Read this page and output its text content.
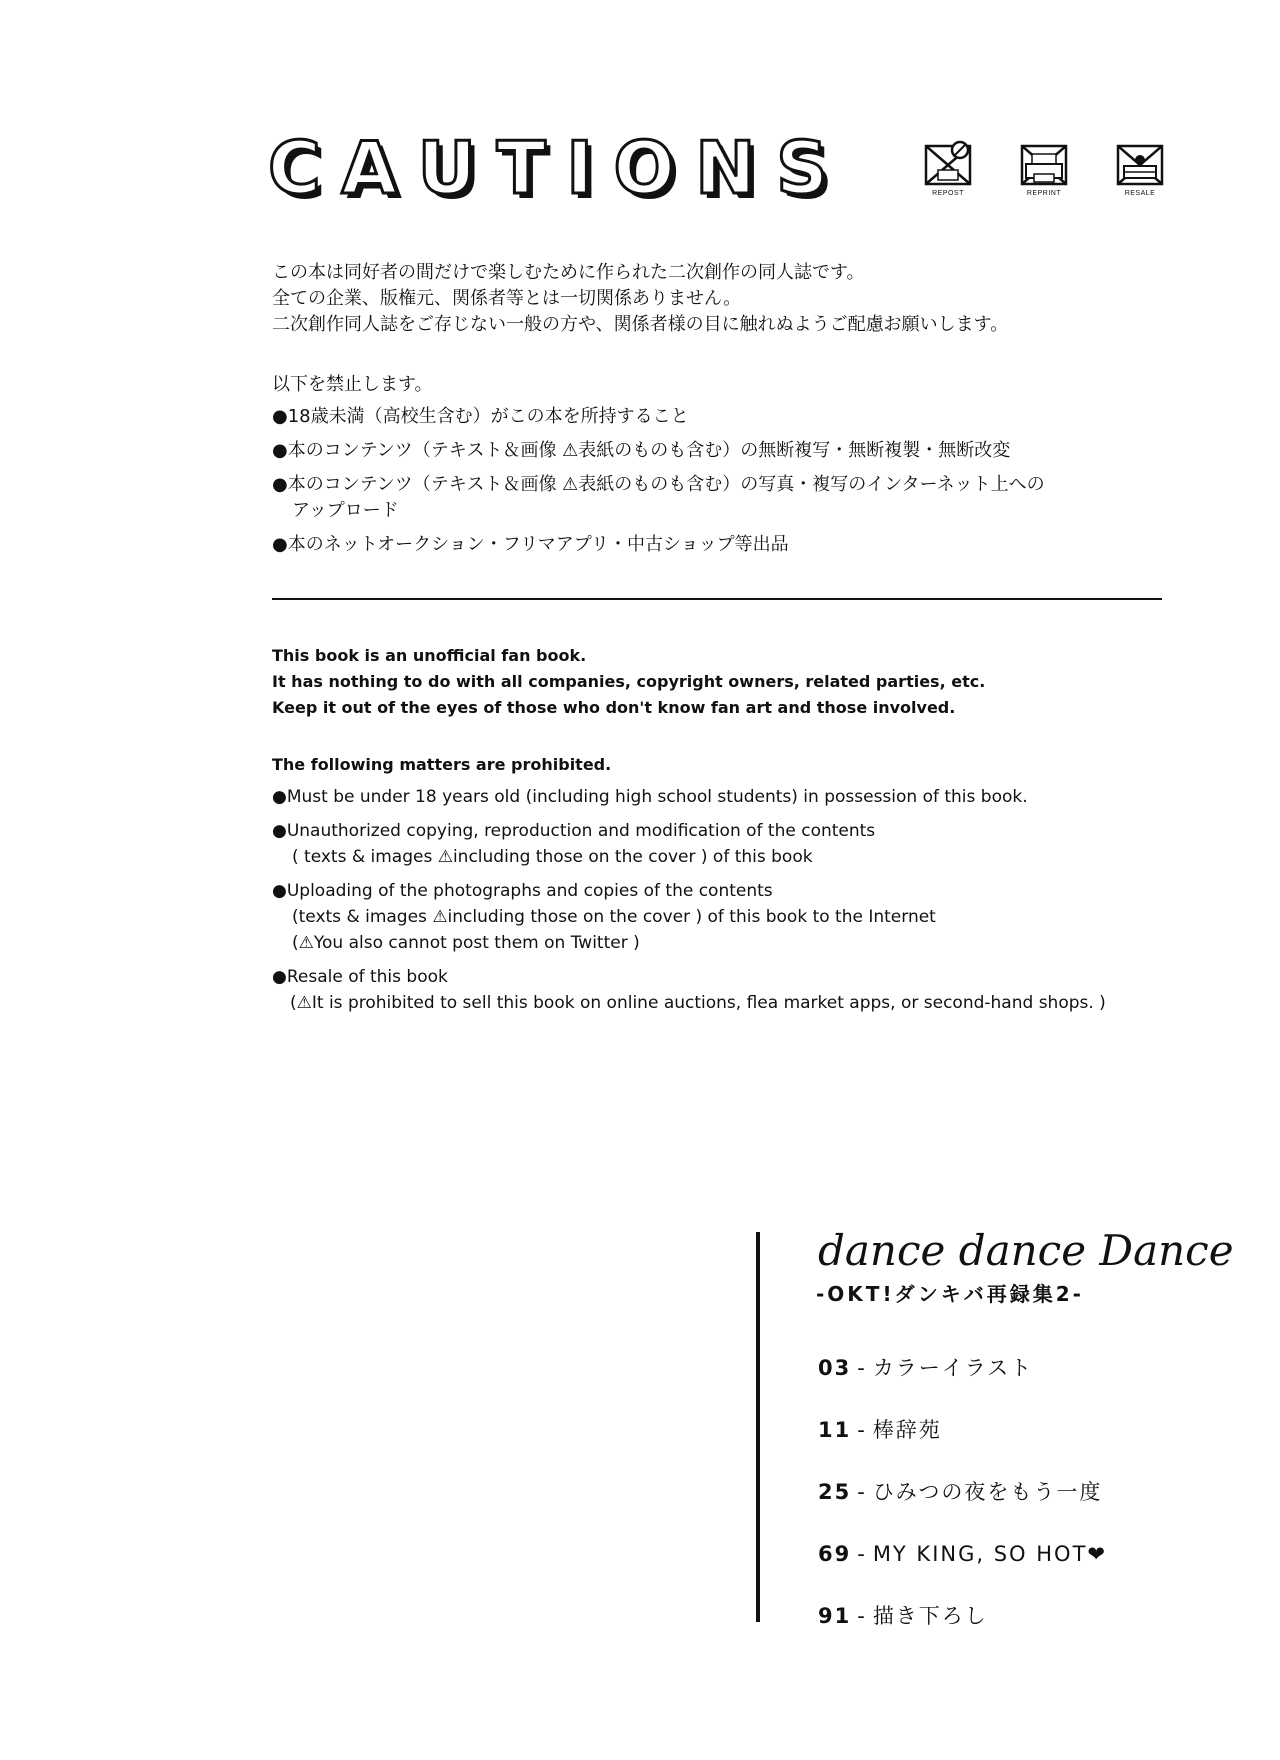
C A U T I O N S	REPOST	REPRINT	RESALE
この本は同好者の間だけで楽しむために作られた二次創作の同人誌です。
全ての企業、版権元、関係者等とは一切関係ありません。
二次創作同人誌をご存じない一般の方や、関係者様の目に触れぬようご配慮お願いします。
以下を禁止します。
●18歳未満（高校生含む）がこの本を所持すること
●本のコンテンツ（テキスト＆画像 ⚠表紙のものも含む）の無断複写・無断複製・無断改変
●本のコンテンツ（テキスト＆画像 ⚠表紙のものも含む）の写真・複写のインターネット上への
アップロード
●本のネットオークション・フリマアプリ・中古ショップ等出品
This book is an unofficial fan book.
It has nothing to do with all companies, copyright owners, related parties, etc.
Keep it out of the eyes of those who don't know fan art and those involved.
The following matters are prohibited.
●Must be under 18 years old (including high school students) in possession of this book.
●Unauthorized copying, reproduction and modification of the contents
( texts & images ⚠including those on the cover ) of this book
●Uploading of the photographs and copies of the contents
(texts & images ⚠including those on the cover ) of this book to the Internet
(⚠You also cannot post them on Twitter )
●Resale of this book
(⚠It is prohibited to sell this book on online auctions, flea market apps, or second-hand shops. )
dance dance Dance
-OKT!ダンキバ再録集2-
03 - カラーイラスト
11 - 棒辞苑
25 - ひみつの夜をもう一度
69 - MY KING, SO HOT❤
91 - 描き下ろし
